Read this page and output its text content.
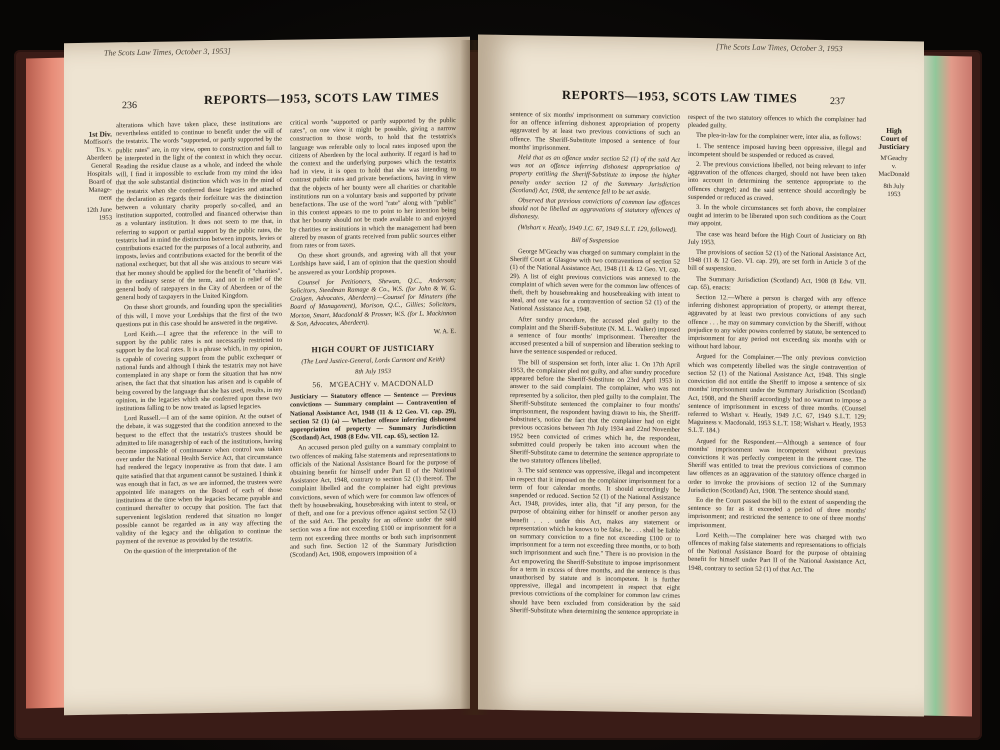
The Scots Law Times, October 3, 1953]
236	REPORTS—1953, SCOTS LAW TIMES
1st Div.
Moffison's
Trs. v.
Aberdeen
General
Hospitals
Board of
Manage-
ment
12th June
1953

alterations which have taken place, these institutions are nevertheless entitled to continue to benefit under the will of the testatrix. The words "supported, or partly supported by the public rates" are, in my view, open to construction and fall to be interpreted in the light of the context in which they occur. Reading the residue clause as a whole, and indeed the whole will, I find it impossible to exclude from my mind the idea that the sole substantial distinction which was in the mind of the testatrix when she conferred these legacies and attached the declaration as regards their forfeiture was the distinction between a voluntary charity properly so-called, and an institution supported, controlled and financed otherwise than as a voluntary institution. It does not seem to me that, in referring to support or partial support by the public rates, the testatrix had in mind the distinction between imposts, levies or contributions exacted for the purposes of a local authority, and imposts, levies and contributions exacted for the benefit of the national exchequer, but that all she was anxious to secure was that her money should be applied for the benefit of "charities", in the ordinary sense of the term, and not in relief of the general body of ratepayers in the City of Aberdeen or of the general body of taxpayers in the United Kingdom.

On these short grounds, and founding upon the specialities of this will, I move your Lordships that the first of the two questions put in this case should be answered in the negative.

Lord Keith.—I agree that the reference in the will to support by the public rates is not necessarily restricted to support by the local rates. It is a phrase which, in my opinion, is capable of covering support from the public exchequer or national funds and although I think the testatrix may not have contemplated in any shape or form the situation that has now arisen, the fact that that situation has arisen and is capable of being covered by the language that she has used, results, in my opinion, in the legacies which she conferred upon these two institutions falling to be now treated as lapsed legacies.

Lord Russell.—I am of the same opinion. At the outset of the debate, it was suggested that the condition annexed to the bequest to the effect that the testatrix's trustees should be admitted to life managership of each of the institutions, having become impossible of continuance when control was taken over under the National Health Service Act, that circumstance had rendered the legacy inoperative as from that date. I am quite satisfied that that argument cannot be sustained. I think it was enough that in fact, as we are informed, the trustees were appointed life managers on the Board of each of those institutions at the time when the legacies became payable and continued thereafter to occupy that position. The fact that supervenient legislation rendered that situation no longer possible cannot be regarded as in any way affecting the validity of the legacy and the obligation to continue the payment of the revenue as provided by the testatrix.

On the question of the interpretation of the

critical words "supported or partly supported by the public rates", on one view it might be possible, giving a narrow construction to those words, to hold that the testatrix's language was referable only to local rates imposed upon the citizens of Aberdeen by the local authority. If regard is had to the context and the underlying purposes which the testatrix had in view, it is open to hold that she was intending to contrast public rates and private benefactions, having in view that the objects of her bounty were all charities or charitable institutions run on a voluntary basis and supported by private benefactions. The use of the word "rate" along with "public" in this context appears to me to point to her intention being that her bounty should not be made available to and enjoyed by charities or institutions in which the management had been altered by reason of grants received from public sources either from rates or from taxes.

On these short grounds, and agreeing with all that your Lordships have said, I am of opinion that the question should be answered as your Lordship proposes.

Counsel for Petitioners, Shewan, Q.C., Anderson; Solicitors, Steedman Ramage & Co., W.S. (for John & W. G. Craigen, Advocates, Aberdeen).—Counsel for Minuters (the Board of Management), Morison, Q.C., Gillies; Solicitors, Morton, Smart, Macdonald & Prosser, W.S. (for L. Mackinnon & Son, Advocates, Aberdeen).

W. A. E.

HIGH COURT OF JUSTICIARY

(The Lord Justice-General, Lords Carmont and Keith)

8th July 1953

56. M'GEACHY v. MACDONALD

Justiciary — Statutory offence — Sentence — Previous convictions — Summary complaint — Contravention of National Assistance Act, 1948 (11 & 12 Geo. VI. cap. 29), section 52 (1) (a) — Whether offence inferring dishonest appropriation of property — Summary Jurisdiction (Scotland) Act, 1908 (8 Edw. VII. cap. 65), section 12.

An accused person pled guilty on a summary complaint to two offences of making false statements and representations to officials of the National Assistance Board for the purpose of obtaining benefit for himself under Part II of the National Assistance Act, 1948, contrary to section 52 (1) thereof. The complaint libelled and the complainer had eight previous convictions, seven of which were for common law offences of theft by housebreaking, housebreaking with intent to steal, or of theft, and one for a previous offence against section 52 (1) of the said Act. The penalty for an offence under the said section was a fine not exceeding £100 or imprisonment for a term not exceeding three months or both such imprisonment and such fine. Section 12 of the Summary Jurisdiction (Scotland) Act, 1908, empowers imposition of a

[The Scots Law Times, October 3, 1953
REPORTS—1953, SCOTS LAW TIMES	237
High
Court of
Justiciary
M'Geachy
v.
MacDonald
8th July
1953

sentence of six months' imprisonment on summary conviction for an offence inferring dishonest appropriation of property aggravated by at least two previous convictions of such an offence. The Sheriff-Substitute imposed a sentence of four months' imprisonment.

Held that as an offence under section 52 (1) of the said Act was not an offence inferring dishonest appropriation of property entitling the Sheriff-Substitute to impose the higher penalty under section 12 of the Summary Jurisdiction (Scotland) Act, 1908, the sentence fell to be set aside.

Observed that previous convictions of common law offences should not be libelled as aggravations of statutory offences of dishonesty.

(Wishart v. Heatly, 1949 J.C. 67, 1949 S.L.T. 129, followed).

Bill of Suspension

George M'Geachy was charged on summary complaint in the Sheriff Court at Glasgow with two contraventions of section 52 (1) of the National Assistance Act, 1948 (11 & 12 Geo. VI. cap. 29). A list of eight previous convictions was annexed to the complaint of which seven were for the common law offences of theft, theft by housebreaking and housebreaking with intent to steal, and one was for a contravention of section 52 (1) of the National Assistance Act, 1948.

After sundry procedure, the accused pled guilty to the complaint and the Sheriff-Substitute (N. M. L. Walker) imposed a sentence of four months' imprisonment. Thereafter the accused presented a bill of suspension and liberation seeking to have the sentence suspended or reduced.

The bill of suspension set forth, inter alia: 1. On 17th April 1953, the complainer pled not guilty, and after sundry procedure appeared before the Sheriff-Substitute on 23rd April 1953 in answer to the said complaint. The complainer, who was not represented by a solicitor, then pled guilty to the complaint. The Sheriff-Substitute sentenced the complainer to four months' imprisonment, the respondent having drawn to his, the Sheriff-Substitute's, notice the fact that the complainer had on eight previous occasions between 7th July 1934 and 22nd November 1952 been convicted of crimes which he, the respondent, submitted could properly be taken into account when the Sheriff-Substitute came to determine the sentence appropriate to the two statutory offences libelled.

3. The said sentence was oppressive, illegal and incompetent in respect that it imposed on the complainer imprisonment for a term of four calendar months. It should accordingly be suspended or reduced. Section 52 (1) of the National Assistance Act, 1948, provides, inter alia, that "if any person, for the purpose of obtaining either for himself or another person any benefit . . . under this Act, makes any statement or representation which he knows to be false, he . . . shall be liable on summary conviction to a fine not exceeding £100 or to imprisonment for a term not exceeding three months, or to both such imprisonment and such fine." There is no provision in the Act empowering the Sheriff-Substitute to impose imprisonment for a term in excess of three months, and the sentence is thus unauthorised by statute and is incompetent. It is further oppressive, illegal and incompetent in respect that eight previous convictions of the complainer for common law crimes should have been excluded from consideration by the said Sheriff-Substitute when determining the sentence appropriate in

respect of the two statutory offences to which the complainer had pleaded guilty.

The plea-in-law for the complainer were, inter alia, as follows:

1. The sentence imposed having been oppressive, illegal and incompetent should be suspended or reduced as craved.

2. The previous convictions libelled, not being relevant to infer aggravation of the offences charged, should not have been taken into account in determining the sentence appropriate to the offences charged; and the said sentence should accordingly be suspended or reduced as craved.

3. In the whole circumstances set forth above, the complainer ought ad interim to be liberated upon such conditions as the Court may appoint.

The case was heard before the High Court of Justiciary on 8th July 1953.

The provisions of section 52 (1) of the National Assistance Act, 1948 (11 & 12 Geo. VI. cap. 29), are set forth in Article 3 of the bill of suspension.

The Summary Jurisdiction (Scotland) Act, 1908 (8 Edw. VII. cap. 65), enacts:

Section 12.—Where a person is charged with any offence inferring dishonest appropriation of property, or attempt thereat, aggravated by at least two previous convictions of any such offence . . . he may on summary conviction by the Sheriff, without prejudice to any wider powers conferred by statute, be sentenced to imprisonment for any period not exceeding six months with or without hard labour.

Argued for the Complainer.—The only previous conviction which was competently libelled was the single contravention of section 52 (1) of the National Assistance Act, 1948. This single conviction did not entitle the Sheriff to impose a sentence of six months' imprisonment under the Summary Jurisdiction (Scotland) Act, 1908, and the Sheriff accordingly had no warrant to impose a sentence of imprisonment in excess of three months. (Counsel referred to Wishart v. Heatly, 1949 J.C. 67, 1949 S.L.T. 129; Maguiness v. Macdonald, 1953 S.L.T. 158; Wishart v. Heatly, 1953 S.L.T. 184.)

Argued for the Respondent.—Although a sentence of four months' imprisonment was incompetent without previous convictions it was perfectly competent in the present case. The Sheriff was entitled to treat the previous convictions of common law offences as an aggravation of the statutory offence charged in order to invoke the provisions of section 12 of the Summary Jurisdiction (Scotland) Act, 1908. The sentence should stand.

Eo die the Court passed the bill to the extent of suspending the sentence so far as it exceeded a period of three months' imprisonment; and restricted the sentence to one of three months' imprisonment.

Lord Keith.—The complainer here was charged with two offences of making false statements and representations to officials of the National Assistance Board for the purpose of obtaining benefit for himself under Part II of the National Assistance Act, 1948, contrary to section 52 (1) of that Act. The
